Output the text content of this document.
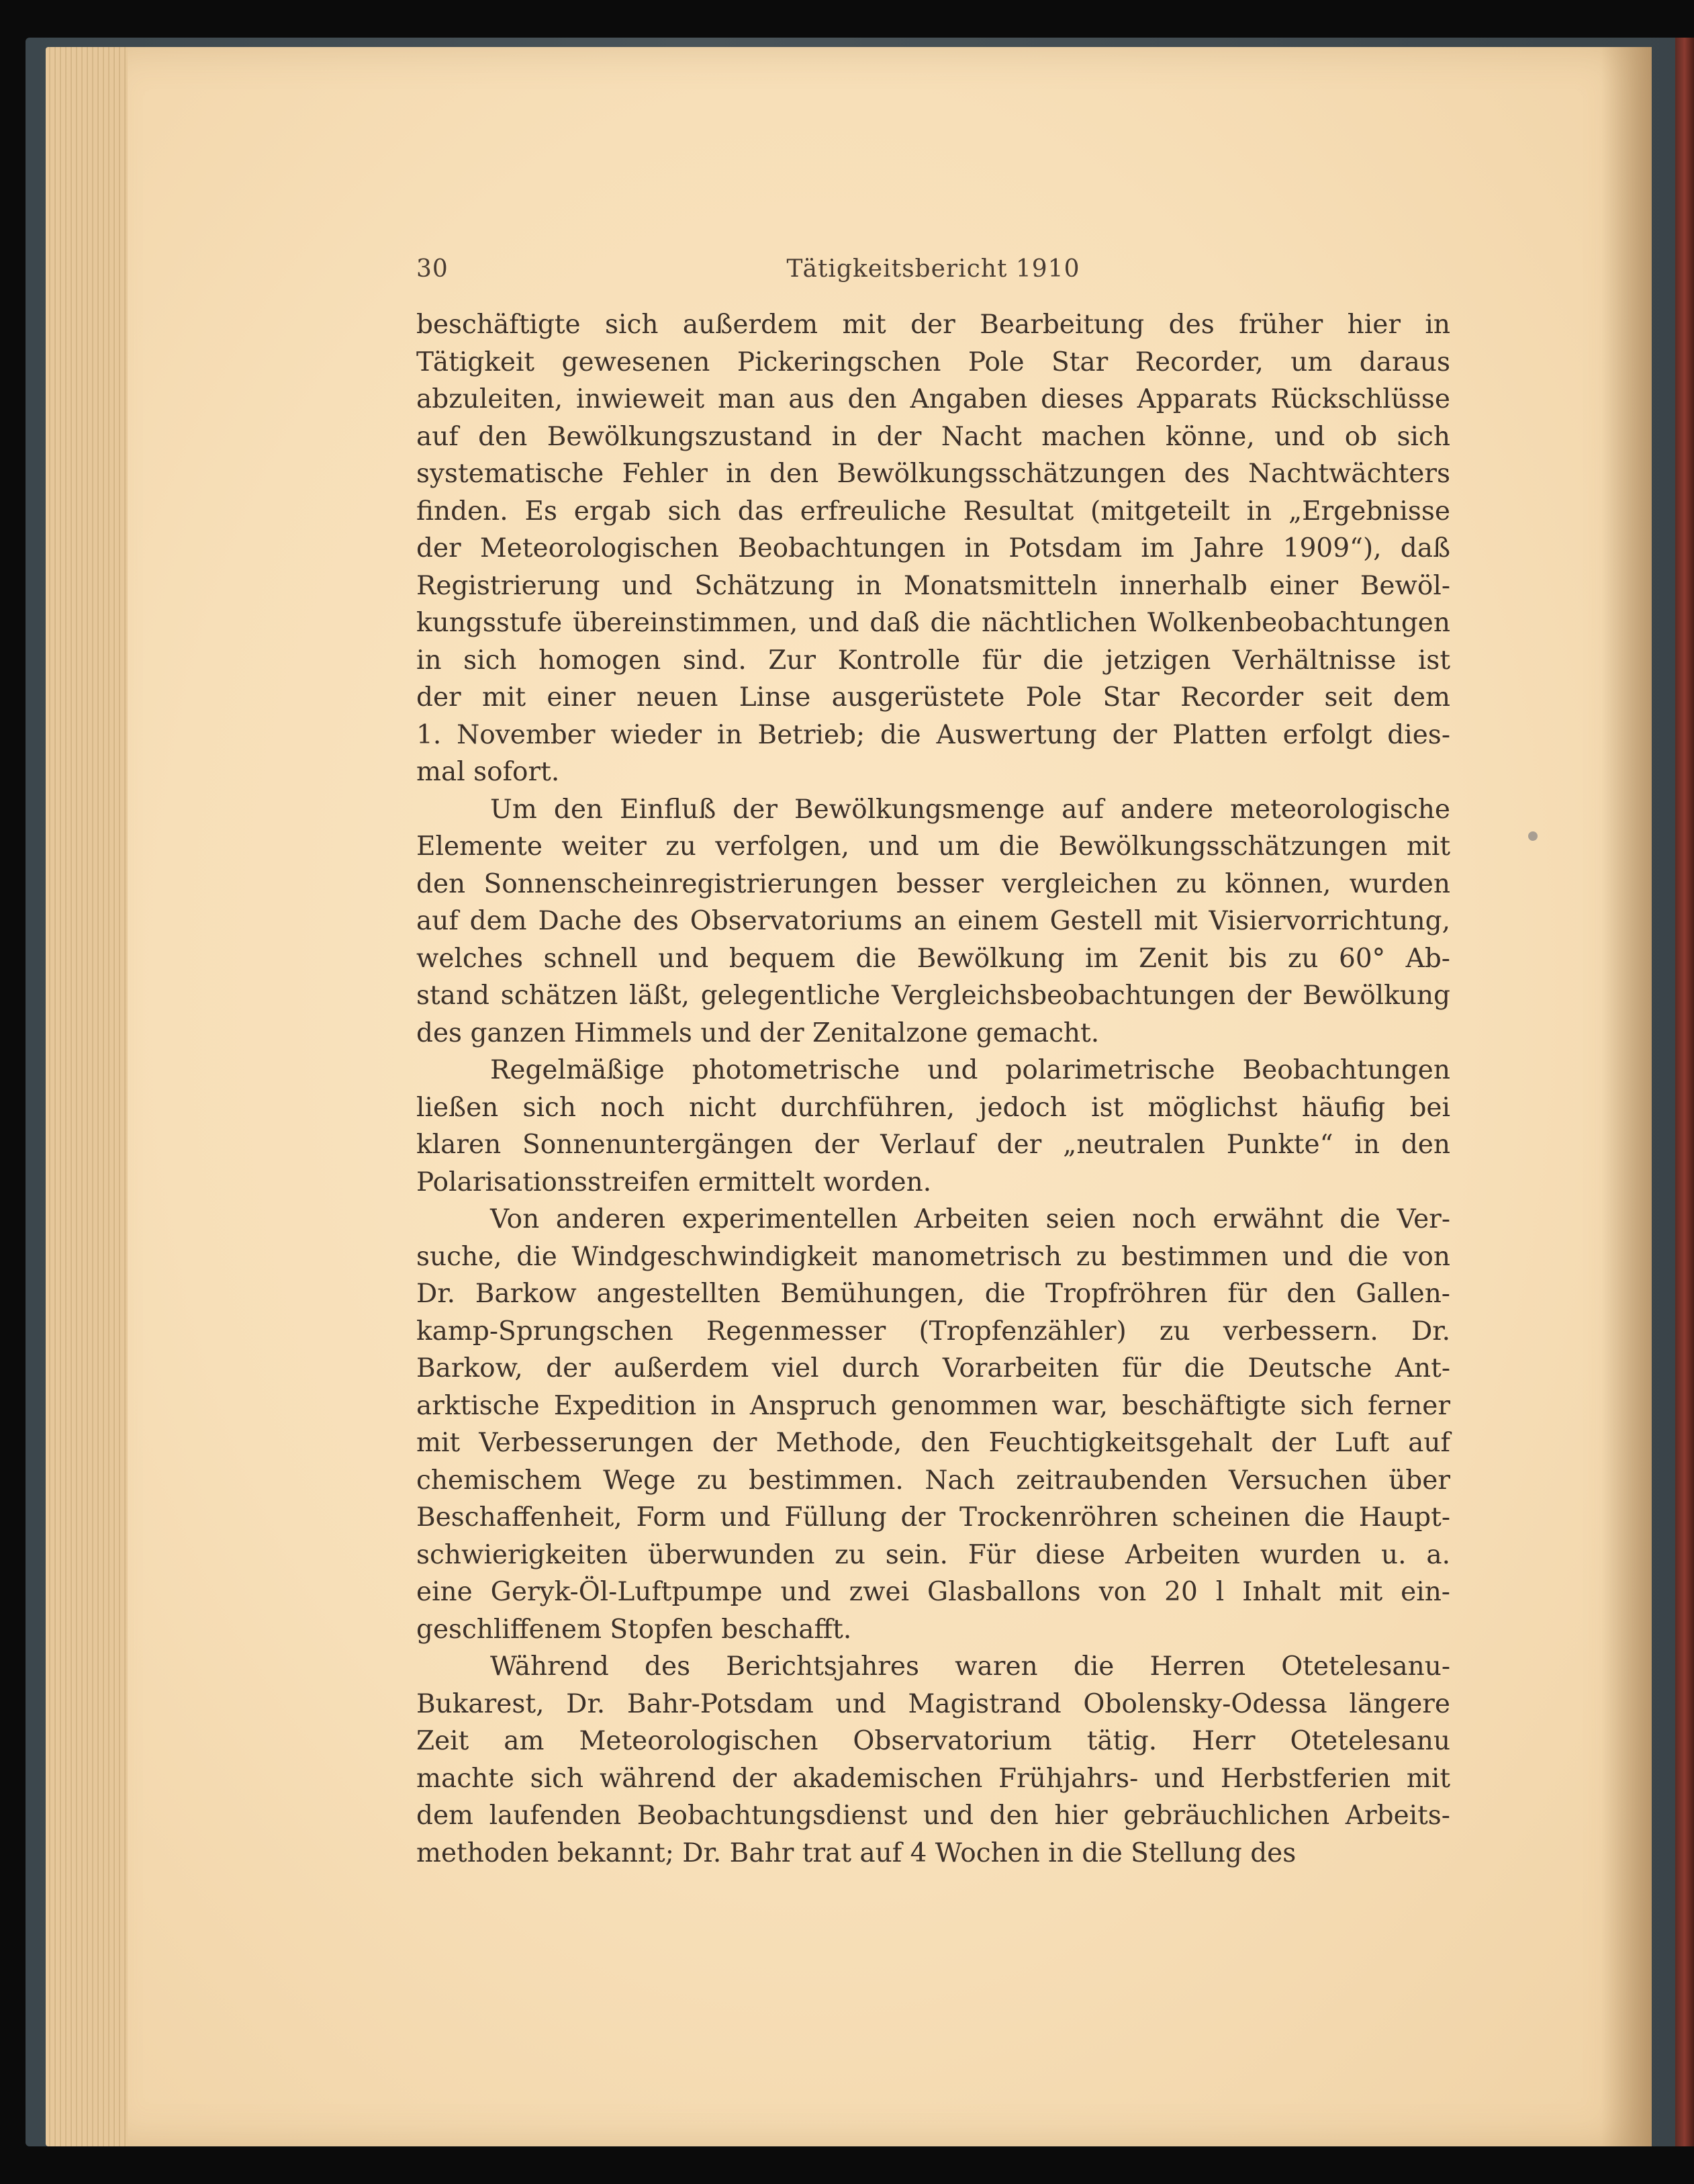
30	Tätigkeitsbericht 1910
beschäftigte sich außerdem mit der Bearbeitung des früher hier in
Tätigkeit gewesenen Pickeringschen Pole Star Recorder, um daraus
abzuleiten, inwieweit man aus den Angaben dieses Apparats Rückschlüsse
auf den Bewölkungszustand in der Nacht machen könne, und ob sich
systematische Fehler in den Bewölkungsschätzungen des Nachtwächters
finden. Es ergab sich das erfreuliche Resultat (mitgeteilt in „Ergebnisse
der Meteorologischen Beobachtungen in Potsdam im Jahre 1909“), daß
Registrierung und Schätzung in Monatsmitteln innerhalb einer Bewöl-
kungsstufe übereinstimmen, und daß die nächtlichen Wolkenbeobachtungen
in sich homogen sind. Zur Kontrolle für die jetzigen Verhältnisse ist
der mit einer neuen Linse ausgerüstete Pole Star Recorder seit dem
1. November wieder in Betrieb; die Auswertung der Platten erfolgt dies-
mal sofort.
Um den Einfluß der Bewölkungsmenge auf andere meteorologische
Elemente weiter zu verfolgen, und um die Bewölkungsschätzungen mit
den Sonnenscheinregistrierungen besser vergleichen zu können, wurden
auf dem Dache des Observatoriums an einem Gestell mit Visiervorrichtung,
welches schnell und bequem die Bewölkung im Zenit bis zu 60° Ab-
stand schätzen läßt, gelegentliche Vergleichsbeobachtungen der Bewölkung
des ganzen Himmels und der Zenitalzone gemacht.
Regelmäßige photometrische und polarimetrische Beobachtungen
ließen sich noch nicht durchführen, jedoch ist möglichst häufig bei
klaren Sonnenuntergängen der Verlauf der „neutralen Punkte“ in den
Polarisationsstreifen ermittelt worden.
Von anderen experimentellen Arbeiten seien noch erwähnt die Ver-
suche, die Windgeschwindigkeit manometrisch zu bestimmen und die von
Dr. Barkow angestellten Bemühungen, die Tropfröhren für den Gallen-
kamp-Sprungschen Regenmesser (Tropfenzähler) zu verbessern. Dr.
Barkow, der außerdem viel durch Vorarbeiten für die Deutsche Ant-
arktische Expedition in Anspruch genommen war, beschäftigte sich ferner
mit Verbesserungen der Methode, den Feuchtigkeitsgehalt der Luft auf
chemischem Wege zu bestimmen. Nach zeitraubenden Versuchen über
Beschaffenheit, Form und Füllung der Trockenröhren scheinen die Haupt-
schwierigkeiten überwunden zu sein. Für diese Arbeiten wurden u. a.
eine Geryk-Öl-Luftpumpe und zwei Glasballons von 20 l Inhalt mit ein-
geschliffenem Stopfen beschafft.
Während des Berichtsjahres waren die Herren Otetelesanu-
Bukarest, Dr. Bahr-Potsdam und Magistrand Obolensky-Odessa längere
Zeit am Meteorologischen Observatorium tätig. Herr Otetelesanu
machte sich während der akademischen Frühjahrs- und Herbstferien mit
dem laufenden Beobachtungsdienst und den hier gebräuchlichen Arbeits-
methoden bekannt; Dr. Bahr trat auf 4 Wochen in die Stellung des
